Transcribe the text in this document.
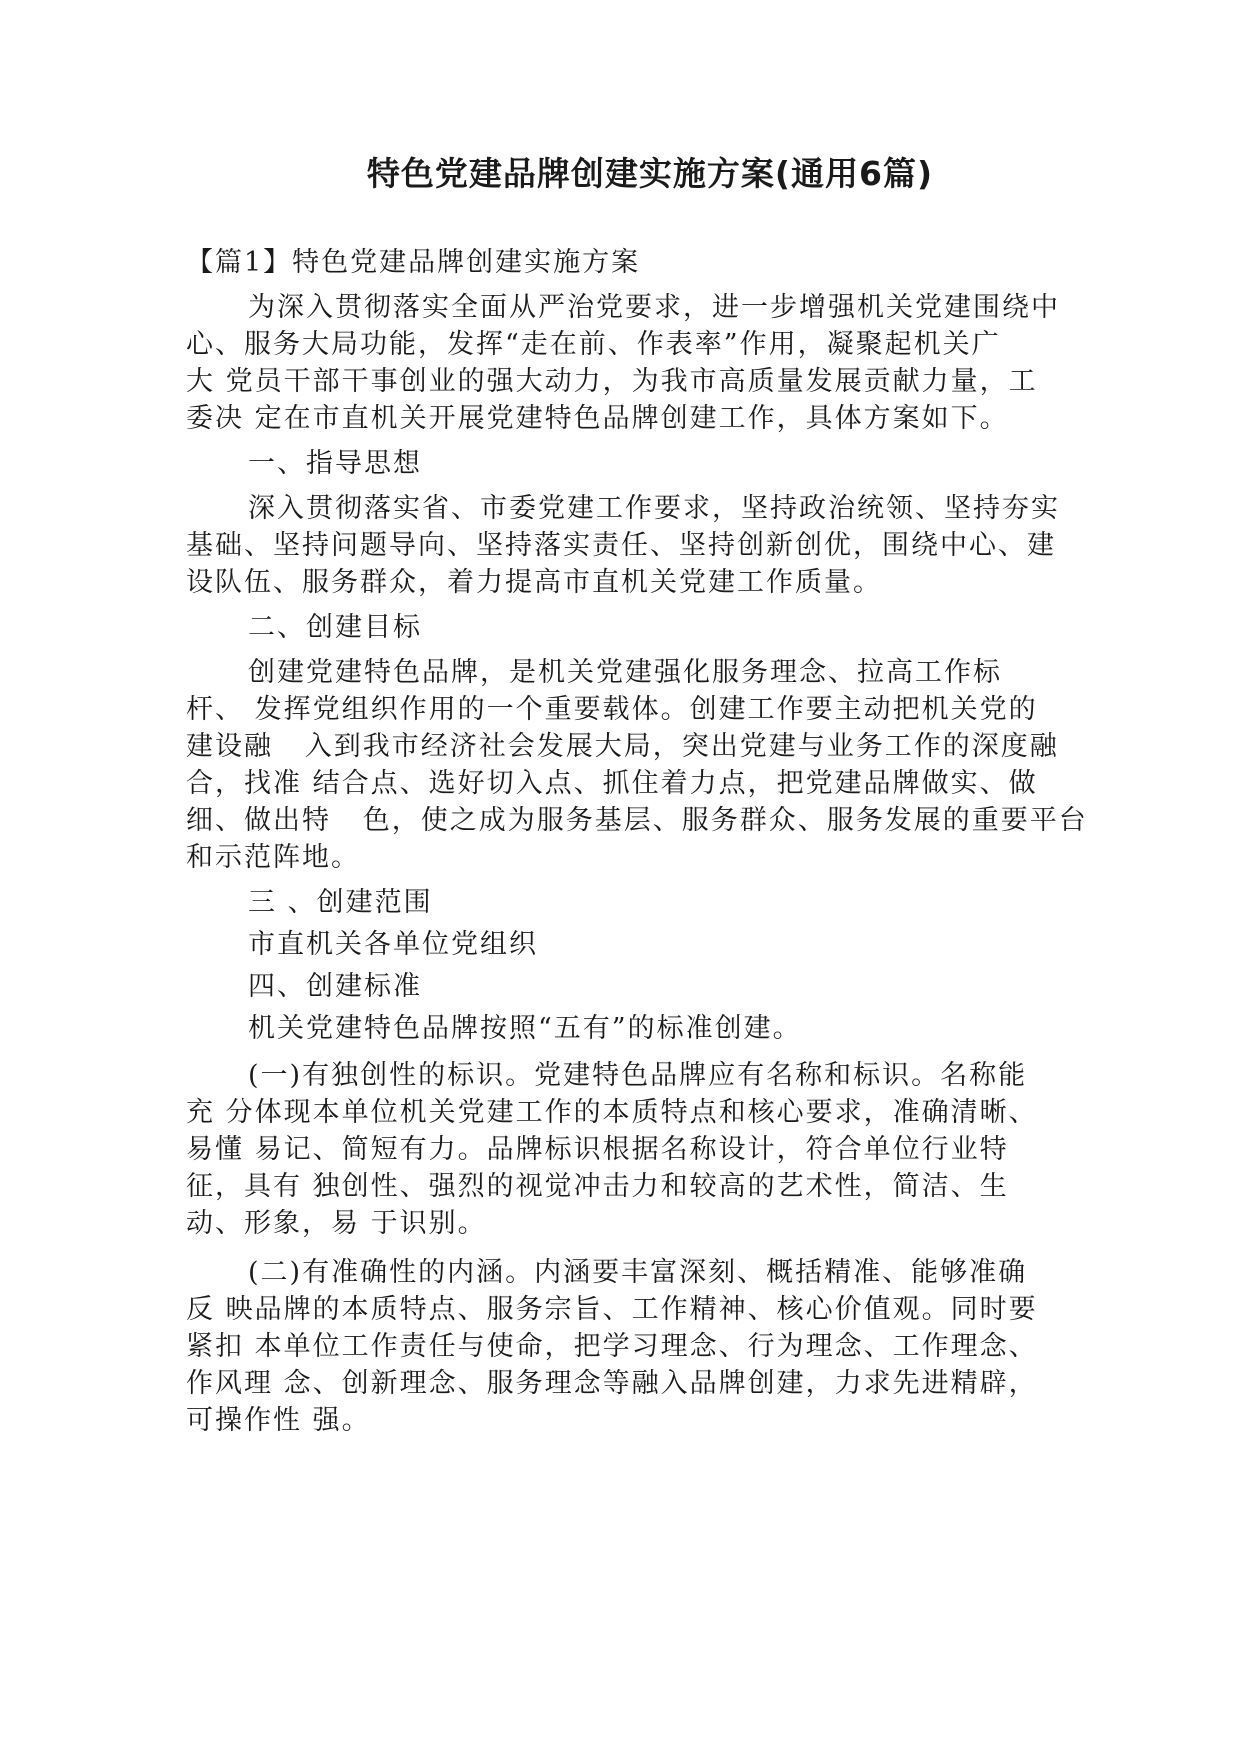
特色党建品牌创建实施方案(通用6篇)
【篇1】特色党建品牌创建实施方案
为深入贯彻落实全面从严治党要求，进一步增强机关党建围绕中
心、服务大局功能，发挥“走在前、作表率”作用，凝聚起机关广
大 党员干部干事创业的强大动力，为我市高质量发展贡献力量，工
委决 定在市直机关开展党建特色品牌创建工作，具体方案如下。
一、指导思想
深入贯彻落实省、市委党建工作要求，坚持政治统领、坚持夯实
基础、坚持问题导向、坚持落实责任、坚持创新创优，围绕中心、建
设队伍、服务群众，着力提高市直机关党建工作质量。
二、创建目标
创建党建特色品牌，是机关党建强化服务理念、拉高工作标
杆、 发挥党组织作用的一个重要载体。创建工作要主动把机关党的
建设融   入到我市经济社会发展大局，突出党建与业务工作的深度融
合，找准 结合点、选好切入点、抓住着力点，把党建品牌做实、做
细、做出特   色，使之成为服务基层、服务群众、服务发展的重要平台
和示范阵地。
三 、创建范围
市直机关各单位党组织
四、创建标准
机关党建特色品牌按照“五有”的标准创建。
(一)有独创性的标识。党建特色品牌应有名称和标识。名称能
充 分体现本单位机关党建工作的本质特点和核心要求，准确清晰、
易懂 易记、简短有力。品牌标识根据名称设计，符合单位行业特
征，具有 独创性、强烈的视觉冲击力和较高的艺术性，简洁、生
动、形象，易 于识别。
(二)有准确性的内涵。内涵要丰富深刻、概括精准、能够准确
反 映品牌的本质特点、服务宗旨、工作精神、核心价值观。同时要
紧扣 本单位工作责任与使命，把学习理念、行为理念、工作理念、
作风理 念、创新理念、服务理念等融入品牌创建，力求先进精辟，
可操作性 强。
